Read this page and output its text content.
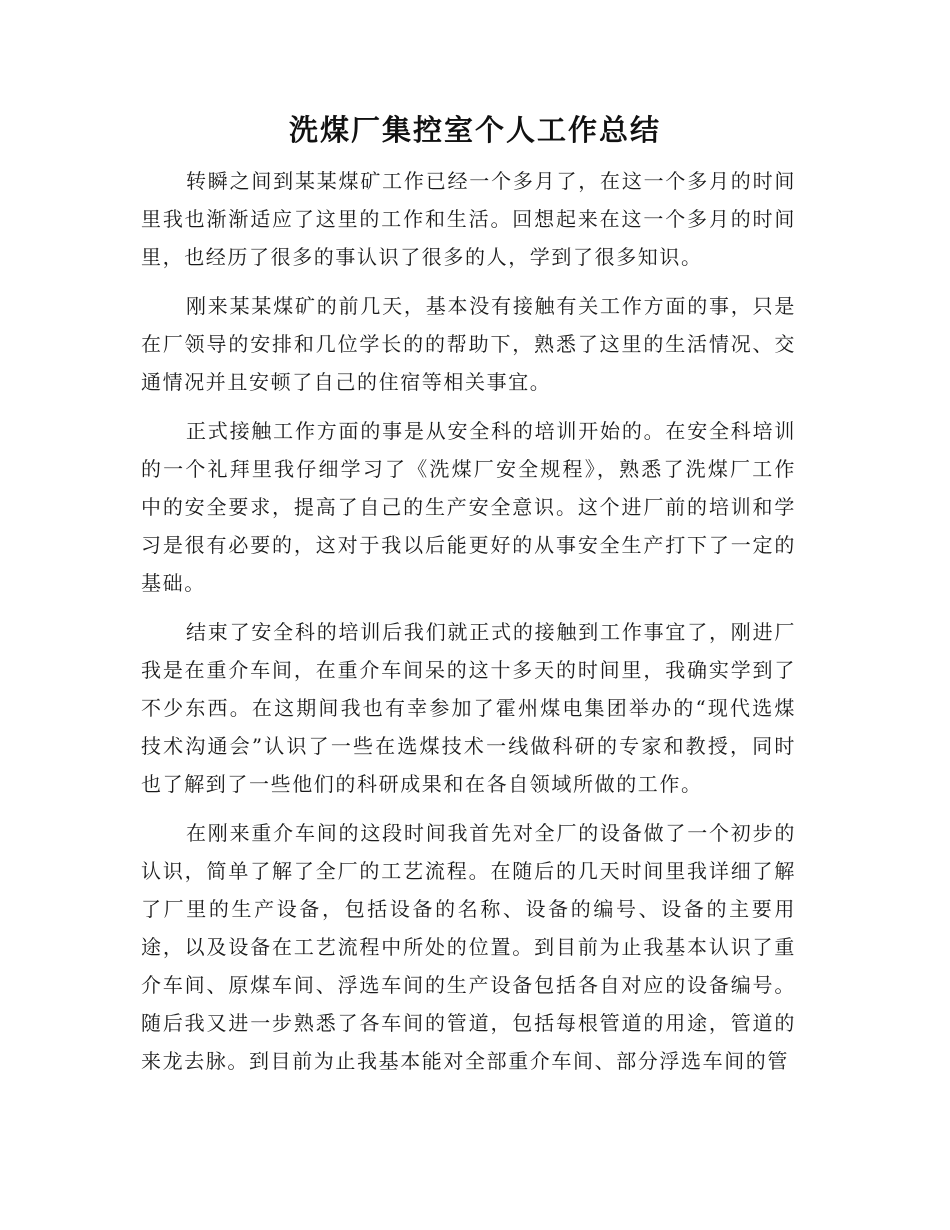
洗煤厂集控室个人工作总结

转瞬之间到某某煤矿工作已经一个多月了，在这一个多月的时间里我也渐渐适应了这里的工作和生活。回想起来在这一个多月的时间里，也经历了很多的事认识了很多的人，学到了很多知识。

刚来某某煤矿的前几天，基本没有接触有关工作方面的事，只是在厂领导的安排和几位学长的的帮助下，熟悉了这里的生活情况、交通情况并且安顿了自己的住宿等相关事宜。

正式接触工作方面的事是从安全科的培训开始的。在安全科培训的一个礼拜里我仔细学习了《洗煤厂安全规程》，熟悉了洗煤厂工作中的安全要求，提高了自己的生产安全意识。这个进厂前的培训和学习是很有必要的，这对于我以后能更好的从事安全生产打下了一定的基础。

结束了安全科的培训后我们就正式的接触到工作事宜了，刚进厂我是在重介车间，在重介车间呆的这十多天的时间里，我确实学到了不少东西。在这期间我也有幸参加了霍州煤电集团举办的“现代选煤技术沟通会”认识了一些在选煤技术一线做科研的专家和教授，同时也了解到了一些他们的科研成果和在各自领域所做的工作。

在刚来重介车间的这段时间我首先对全厂的设备做了一个初步的认识，简单了解了全厂的工艺流程。在随后的几天时间里我详细了解了厂里的生产设备，包括设备的名称、设备的编号、设备的主要用途，以及设备在工艺流程中所处的位置。到目前为止我基本认识了重介车间、原煤车间、浮选车间的生产设备包括各自对应的设备编号。随后我又进一步熟悉了各车间的管道，包括每根管道的用途，管道的来龙去脉。到目前为止我基本能对全部重介车间、部分浮选车间的管
